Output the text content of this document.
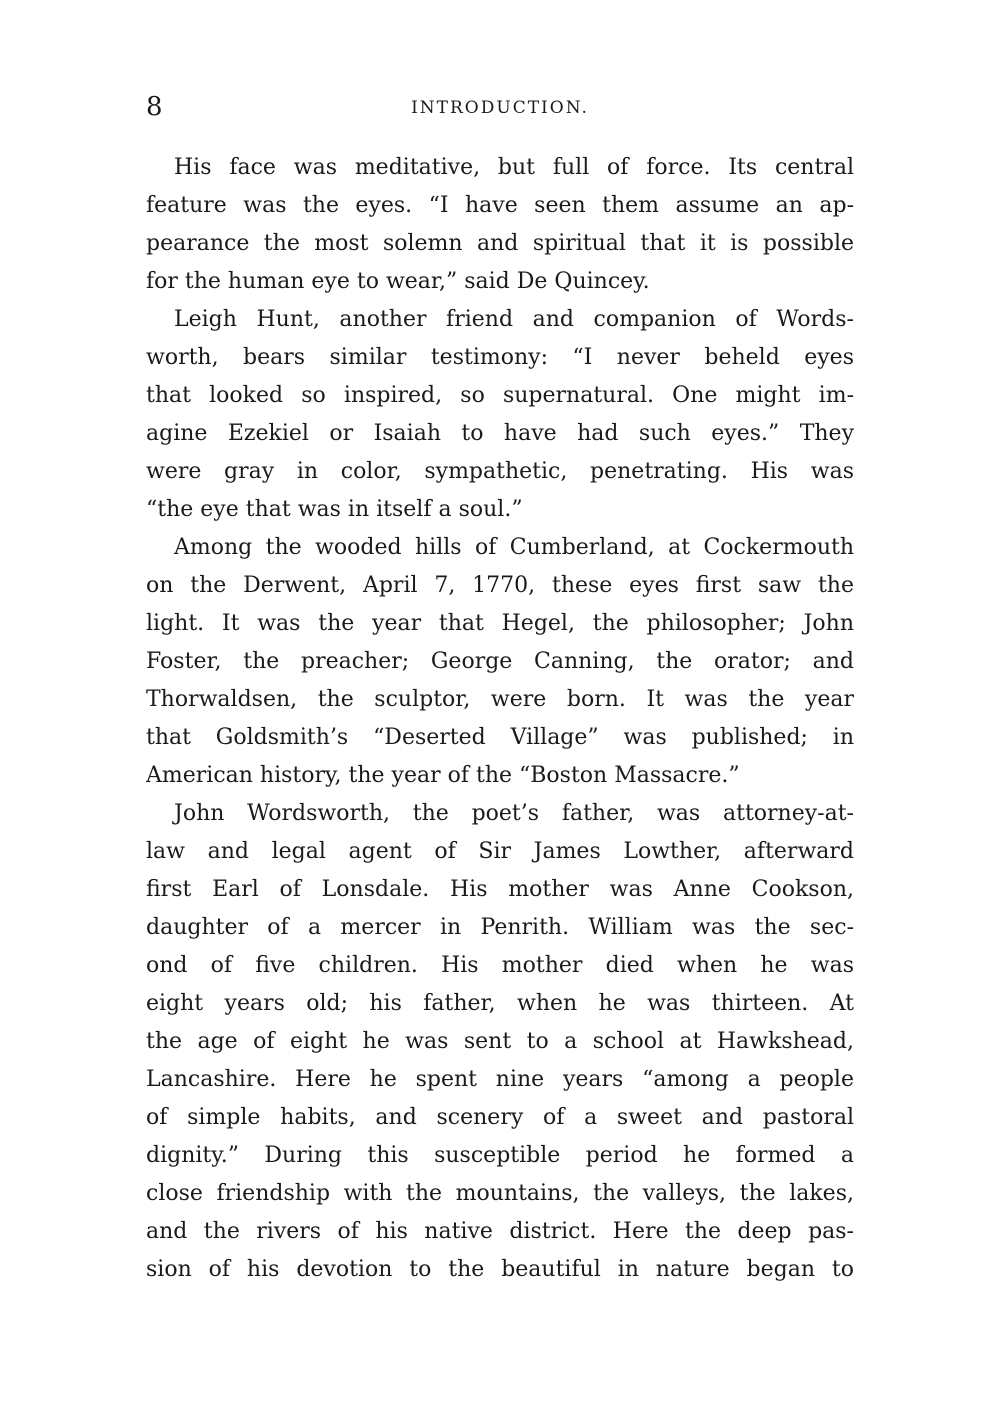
8	INTRODUCTION.
His face was meditative, but full of force. Its central
feature was the eyes. “I have seen them assume an ap-
pearance the most solemn and spiritual that it is possible
for the human eye to wear,” said De Quincey.
Leigh Hunt, another friend and companion of Words-
worth, bears similar testimony: “I never beheld eyes
that looked so inspired, so supernatural. One might im-
agine Ezekiel or Isaiah to have had such eyes.” They
were gray in color, sympathetic, penetrating. His was
“the eye that was in itself a soul.”
Among the wooded hills of Cumberland, at Cockermouth
on the Derwent, April 7, 1770, these eyes first saw the
light. It was the year that Hegel, the philosopher; John
Foster, the preacher; George Canning, the orator; and
Thorwaldsen, the sculptor, were born. It was the year
that Goldsmith’s “Deserted Village” was published; in
American history, the year of the “Boston Massacre.”
John Wordsworth, the poet’s father, was attorney-at-
law and legal agent of Sir James Lowther, afterward
first Earl of Lonsdale. His mother was Anne Cookson,
daughter of a mercer in Penrith. William was the sec-
ond of five children. His mother died when he was
eight years old; his father, when he was thirteen. At
the age of eight he was sent to a school at Hawkshead,
Lancashire. Here he spent nine years “among a people
of simple habits, and scenery of a sweet and pastoral
dignity.” During this susceptible period he formed a
close friendship with the mountains, the valleys, the lakes,
and the rivers of his native district. Here the deep pas-
sion of his devotion to the beautiful in nature began to
